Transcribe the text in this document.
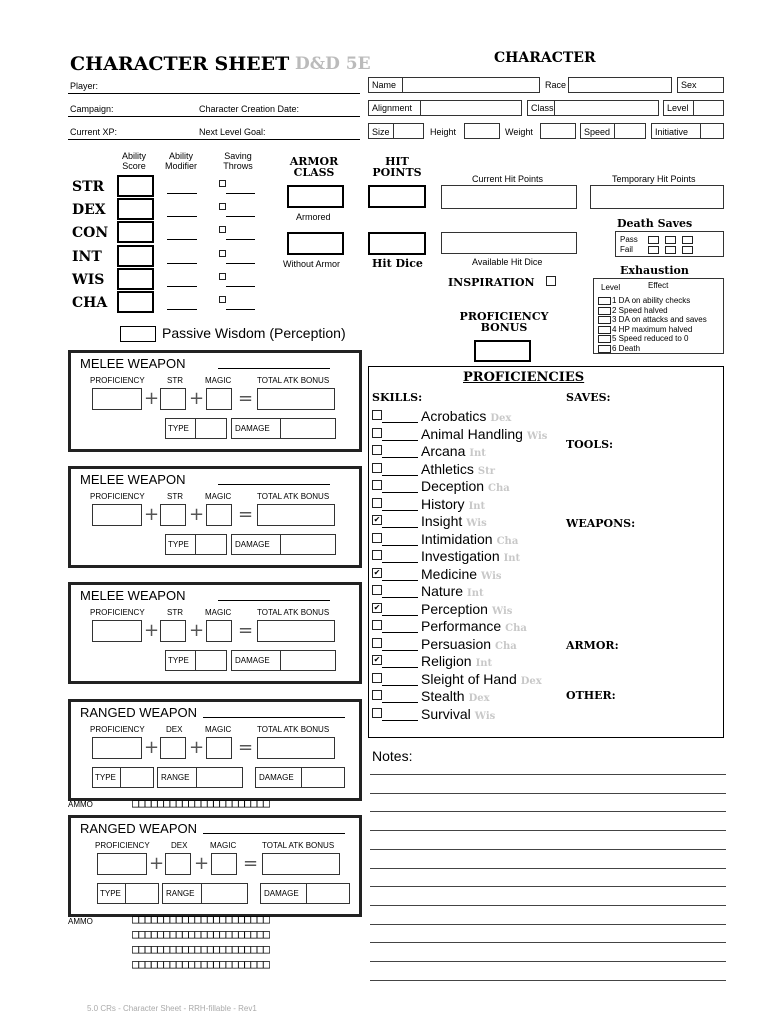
CHARACTER SHEET D&D 5E	CHARACTER
Player:
Campaign:	Character Creation Date:
Current XP:	Next Level Goal:
Name	Race	Sex
Alignment	Class	Level
Size	Height	Weight	Speed	Initiative
Ability
Score
Ability
Modifier
Saving
Throws
STR
DEX
CON
INT
WIS
CHA
Passive Wisdom (Perception)
ARMOR
CLASS
Armored
Without Armor
HIT
POINTS
Hit Dice
Current Hit Points	Temporary Hit Points
Available Hit Dice
Death Saves
Pass
Fail
Exhaustion
Level	Effect
1 DA on ability checks
2 Speed halved
3 DA on attacks and saves
4 HP maximum halved
5 Speed reduced to 0
6 Death
INSPIRATION
PROFICIENCY
BONUS
PROFICIENCIES
SKILLS:	SAVES:
TOOLS:
WEAPONS:
ARMOR:
OTHER:
Acrobatics Dex
Animal Handling Wis
Arcana Int
Athletics Str
Deception Cha
History Int
✔	Insight Wis
Intimidation Cha
Investigation Int
✔	Medicine Wis
Nature Int
✔	Perception Wis
Performance Cha
Persuasion Cha
✔	Religion Int
Sleight of Hand Dex
Stealth Dex
Survival Wis
Notes:
MELEE WEAPON
PROFICIENCY	STR	MAGIC	TOTAL ATK BONUS
+ + =
TYPE	DAMAGE
MELEE WEAPON
PROFICIENCY	STR	MAGIC	TOTAL ATK BONUS
+ + =
TYPE	DAMAGE
MELEE WEAPON
PROFICIENCY	STR	MAGIC	TOTAL ATK BONUS
+ + =
TYPE	DAMAGE
RANGED WEAPON
PROFICIENCY	DEX	MAGIC	TOTAL ATK BONUS
+ + =
TYPE	RANGE	DAMAGE
RANGED WEAPON
PROFICIENCY	DEX	MAGIC	TOTAL ATK BONUS
+ + =
TYPE	RANGE	DAMAGE
AMMO	□□□□□□□□□□□□□□□□□□□□□□
AMMO	□□□□□□□□□□□□□□□□□□□□□□
□□□□□□□□□□□□□□□□□□□□□□
□□□□□□□□□□□□□□□□□□□□□□
□□□□□□□□□□□□□□□□□□□□□□
5.0 CRs - Character Sheet - RRH-fillable - Rev1
